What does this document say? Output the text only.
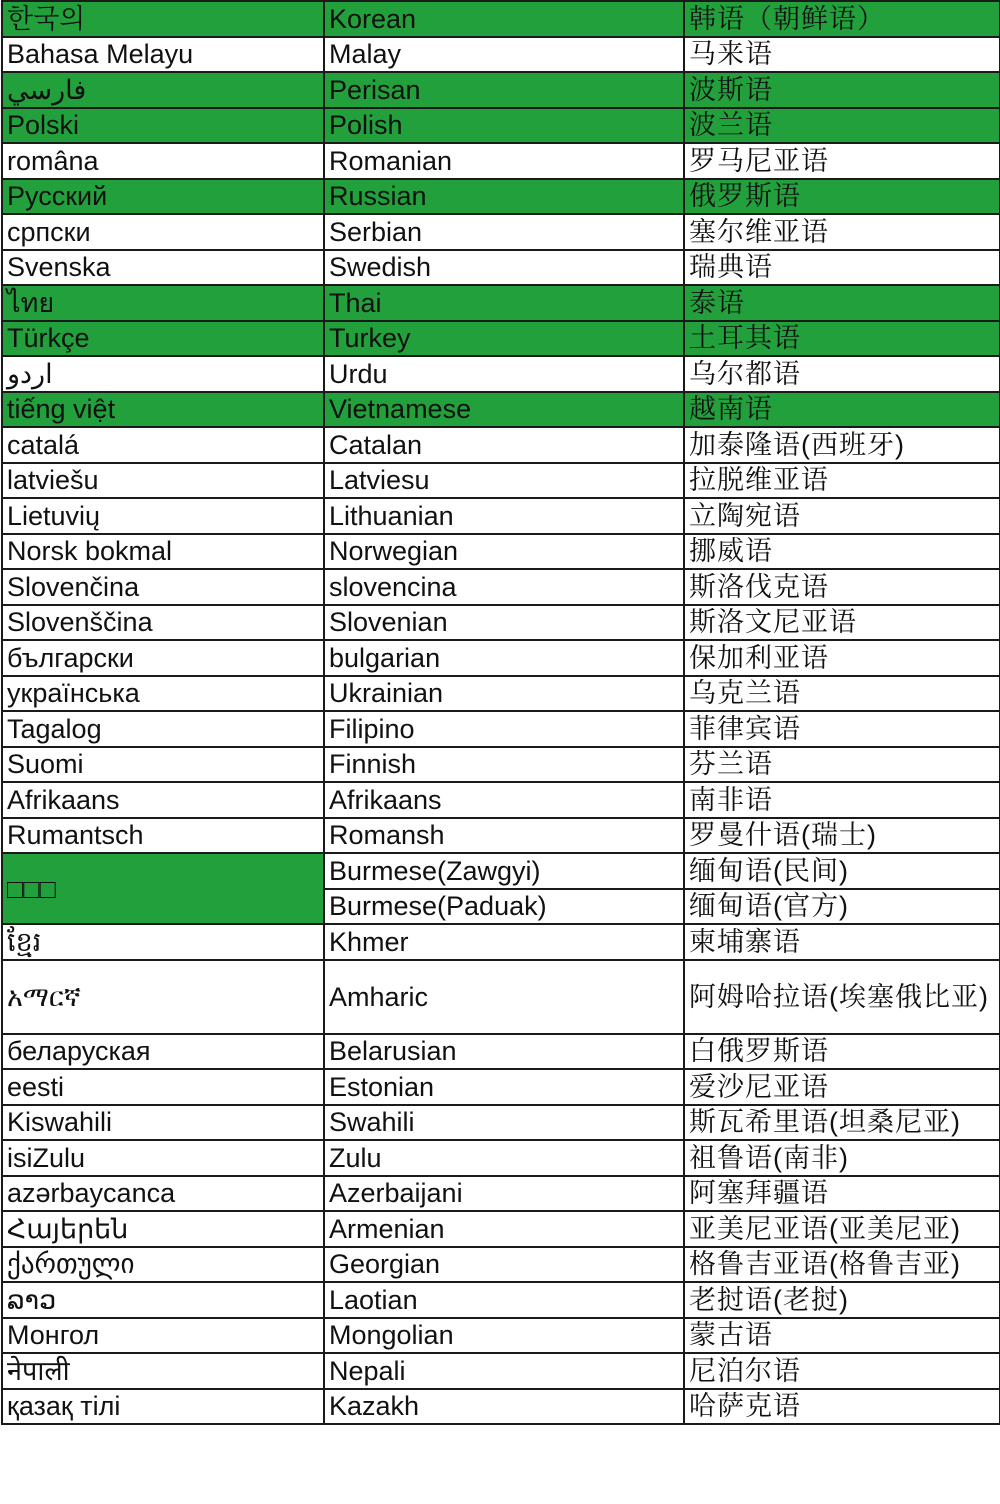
한국의	Korean	韩语（朝鲜语）
Bahasa Melayu	Malay	马来语
فارسي	Perisan	波斯语
Polski	Polish	波兰语
româna	Romanian	罗马尼亚语
Русский	Russian	俄罗斯语
српски	Serbian	塞尔维亚语
Svenska	Swedish	瑞典语
ไทย	Thai	泰语
Türkçe	Turkey	土耳其语
اردو	Urdu	乌尔都语
tiếng việt	Vietnamese	越南语
catalá	Catalan	加泰隆语(西班牙)
latviešu	Latviesu	拉脱维亚语
Lietuvių	Lithuanian	立陶宛语
Norsk bokmal	Norwegian	挪威语
Slovenčina	slovencina	斯洛伐克语
Slovenščina	Slovenian	斯洛文尼亚语
български	bulgarian	保加利亚语
українська	Ukrainian	乌克兰语
Tagalog	Filipino	菲律宾语
Suomi	Finnish	芬兰语
Afrikaans	Afrikaans	南非语
Rumantsch	Romansh	罗曼什语(瑞士)
□□□	Burmese(Zawgyi)	缅甸语(民间)
	Burmese(Paduak)	缅甸语(官方)
ខ្មែរ	Khmer	柬埔寨语
አማርኛ	Amharic	阿姆哈拉语(埃塞俄比亚)
беларуская	Belarusian	白俄罗斯语
eesti	Estonian	爱沙尼亚语
Kiswahili	Swahili	斯瓦希里语(坦桑尼亚)
isiZulu	Zulu	祖鲁语(南非)
azərbaycanca	Azerbaijani	阿塞拜疆语
Հայերեն	Armenian	亚美尼亚语(亚美尼亚)
ქართული	Georgian	格鲁吉亚语(格鲁吉亚)
ລາວ	Laotian	老挝语(老挝)
Монгол	Mongolian	蒙古语
नेपाली	Nepali	尼泊尔语
қазақ тілі	Kazakh	哈萨克语
